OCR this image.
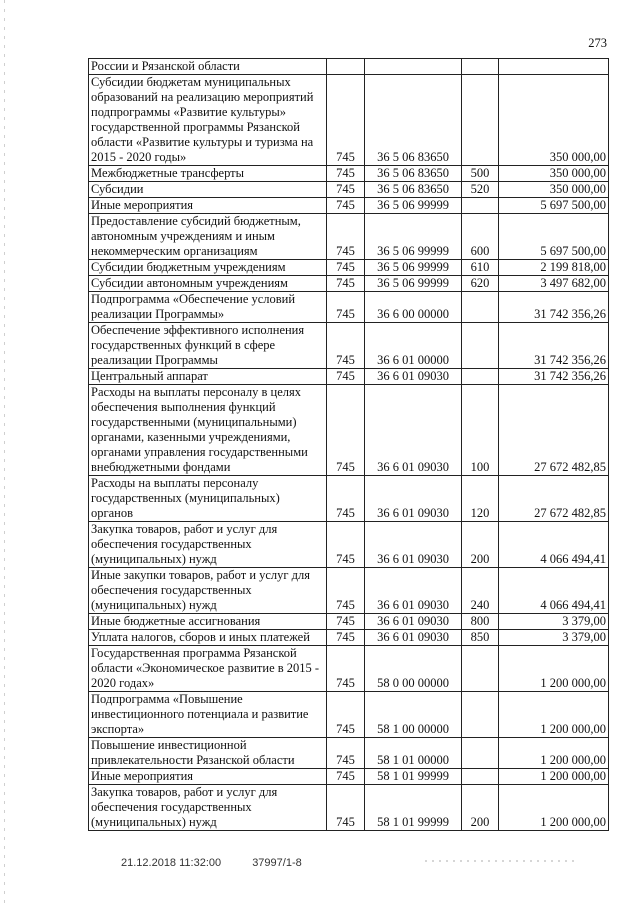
273
России и Рязанской области				
Субсидии бюджетам муниципальных образований на реализацию мероприятий подпрограммы «Развитие культуры» государственной программы Рязанской области «Развитие культуры и туризма на 2015 - 2020 годы»	745	36 5 06 83650		350 000,00
Межбюджетные трансферты	745	36 5 06 83650	500	350 000,00
Субсидии	745	36 5 06 83650	520	350 000,00
Иные мероприятия	745	36 5 06 99999		5 697 500,00
Предоставление субсидий бюджетным, автономным учреждениям и иным некоммерческим организациям	745	36 5 06 99999	600	5 697 500,00
Субсидии бюджетным учреждениям	745	36 5 06 99999	610	2 199 818,00
Субсидии автономным учреждениям	745	36 5 06 99999	620	3 497 682,00
Подпрограмма «Обеспечение условий реализации Программы»	745	36 6 00 00000		31 742 356,26
Обеспечение эффективного исполнения государственных функций в сфере реализации Программы	745	36 6 01 00000		31 742 356,26
Центральный аппарат	745	36 6 01 09030		31 742 356,26
Расходы на выплаты персоналу в целях обеспечения выполнения функций государственными (муниципальными) органами, казенными учреждениями, органами управления государственными внебюджетными фондами	745	36 6 01 09030	100	27 672 482,85
Расходы на выплаты персоналу государственных (муниципальных) органов	745	36 6 01 09030	120	27 672 482,85
Закупка товаров, работ и услуг для обеспечения государственных (муниципальных) нужд	745	36 6 01 09030	200	4 066 494,41
Иные закупки товаров, работ и услуг для обеспечения государственных (муниципальных) нужд	745	36 6 01 09030	240	4 066 494,41
Иные бюджетные ассигнования	745	36 6 01 09030	800	3 379,00
Уплата налогов, сборов и иных платежей	745	36 6 01 09030	850	3 379,00
Государственная программа Рязанской области «Экономическое развитие в 2015 - 2020 годах»	745	58 0 00 00000		1 200 000,00
Подпрограмма «Повышение инвестиционного потенциала и развитие экспорта»	745	58 1 00 00000		1 200 000,00
Повышение инвестиционной привлекательности Рязанской области	745	58 1 01 00000		1 200 000,00
Иные мероприятия	745	58 1 01 99999		1 200 000,00
Закупка товаров, работ и услуг для обеспечения государственных (муниципальных) нужд	745	58 1 01 99999	200	1 200 000,00
21.12.2018 11:32:00	37997/1-8
